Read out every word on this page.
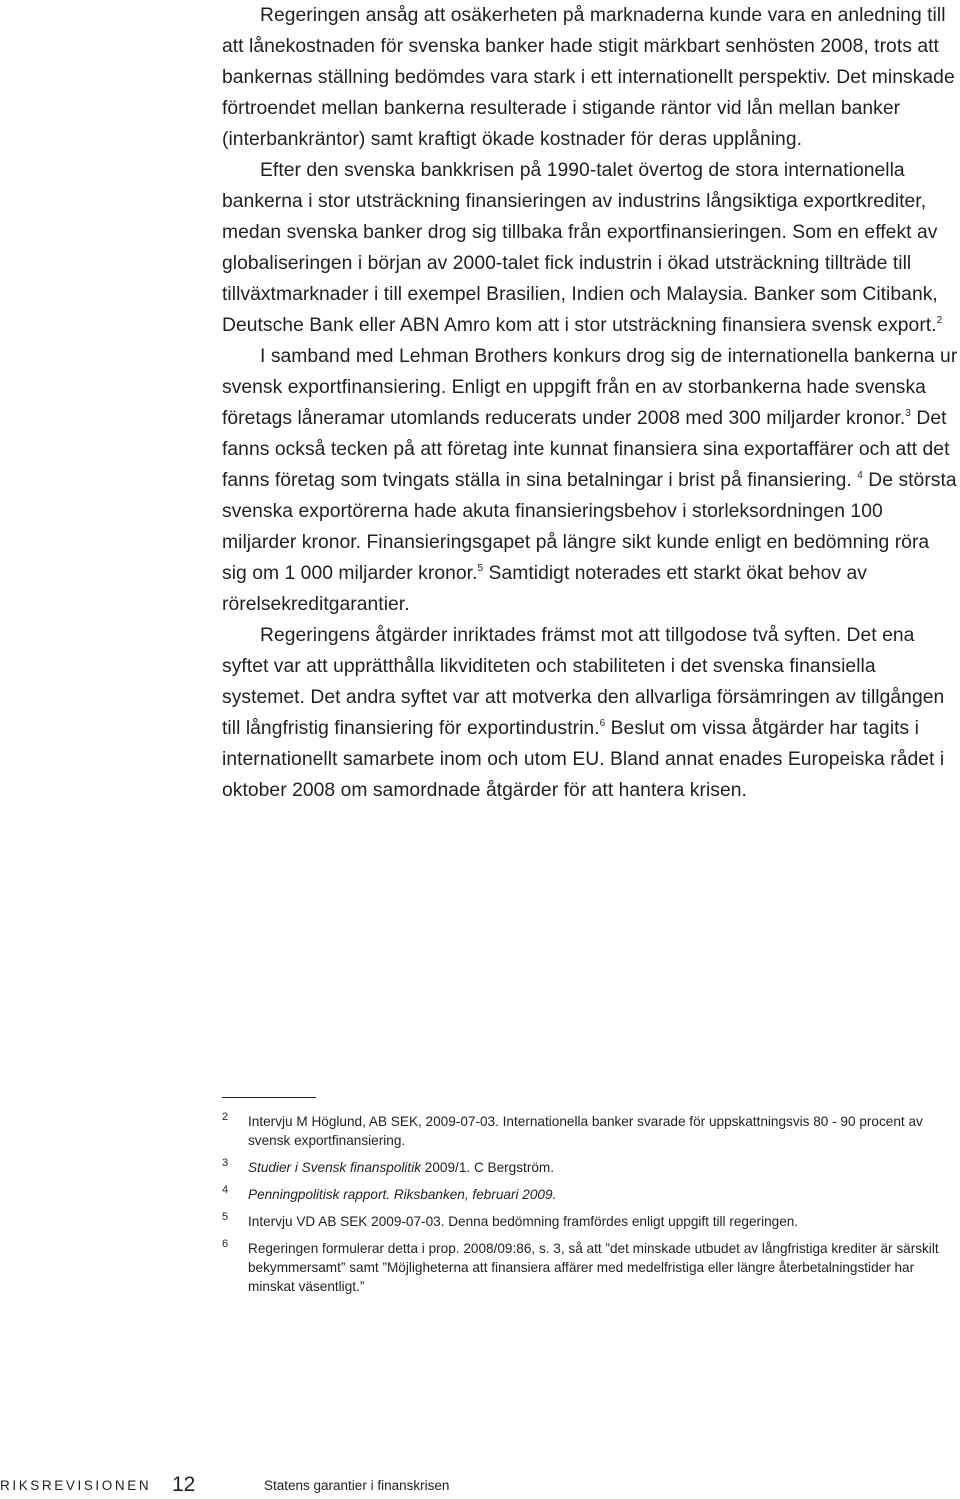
Regeringen ansåg att osäkerheten på marknaderna kunde vara en anledning till att lånekostnaden för svenska banker hade stigit märkbart senhösten 2008, trots att bankernas ställning bedömdes vara stark i ett internationellt perspektiv. Det minskade förtroendet mellan bankerna resulterade i stigande räntor vid lån mellan banker (interbankräntor) samt kraftigt ökade kostnader för deras upplåning.

Efter den svenska bankkrisen på 1990-talet övertog de stora internationella bankerna i stor utsträckning finansieringen av industrins långsiktiga exportkrediter, medan svenska banker drog sig tillbaka från exportfinansieringen. Som en effekt av globaliseringen i början av 2000-talet fick industrin i ökad utsträckning tillträde till tillväxtmarknader i till exempel Brasilien, Indien och Malaysia. Banker som Citibank, Deutsche Bank eller ABN Amro kom att i stor utsträckning finansiera svensk export.$^2$

I samband med Lehman Brothers konkurs drog sig de internationella bankerna ur svensk exportfinansiering. Enligt en uppgift från en av storbankerna hade svenska företags låneramar utomlands reducerats under 2008 med 300 miljarder kronor.$^3$ Det fanns också tecken på att företag inte kunnat finansiera sina exportaffärer och att det fanns företag som tvingats ställa in sina betalningar i brist på finansiering. $^4$ De största svenska exportörerna hade akuta finansieringsbehov i storleksordningen 100 miljarder kronor. Finansieringsgapet på längre sikt kunde enligt en bedömning röra sig om 1 000 miljarder kronor.$^5$ Samtidigt noterades ett starkt ökat behov av rörelsekreditgarantier.

Regeringens åtgärder inriktades främst mot att tillgodose två syften. Det ena syftet var att upprätthålla likviditeten och stabiliteten i det svenska finansiella systemet. Det andra syftet var att motverka den allvarliga försämringen av tillgången till långfristig finansiering för exportindustrin.$^6$ Beslut om vissa åtgärder har tagits i internationellt samarbete inom och utom EU. Bland annat enades Europeiska rådet i oktober 2008 om samordnade åtgärder för att hantera krisen.

2 Intervju M Höglund, AB SEK, 2009-07-03. Internationella banker svarade för uppskattningsvis 80 - 90 procent av svensk exportfinansiering.
3 Studier i Svensk finanspolitik 2009/1. C Bergström.
4 Penningpolitisk rapport. Riksbanken, februari 2009.
5 Intervju VD AB SEK 2009-07-03. Denna bedömning framfördes enligt uppgift till regeringen.
6 Regeringen formulerar detta i prop. 2008/09:86, s. 3, så att ”det minskade utbudet av långfristiga krediter är särskilt bekymmersamt” samt ”Möjligheterna att finansiera affärer med medelfristiga eller längre återbetalningstider har minskat väsentligt.”
RIKSREVISIONEN 12	Statens garantier i finanskrisen
